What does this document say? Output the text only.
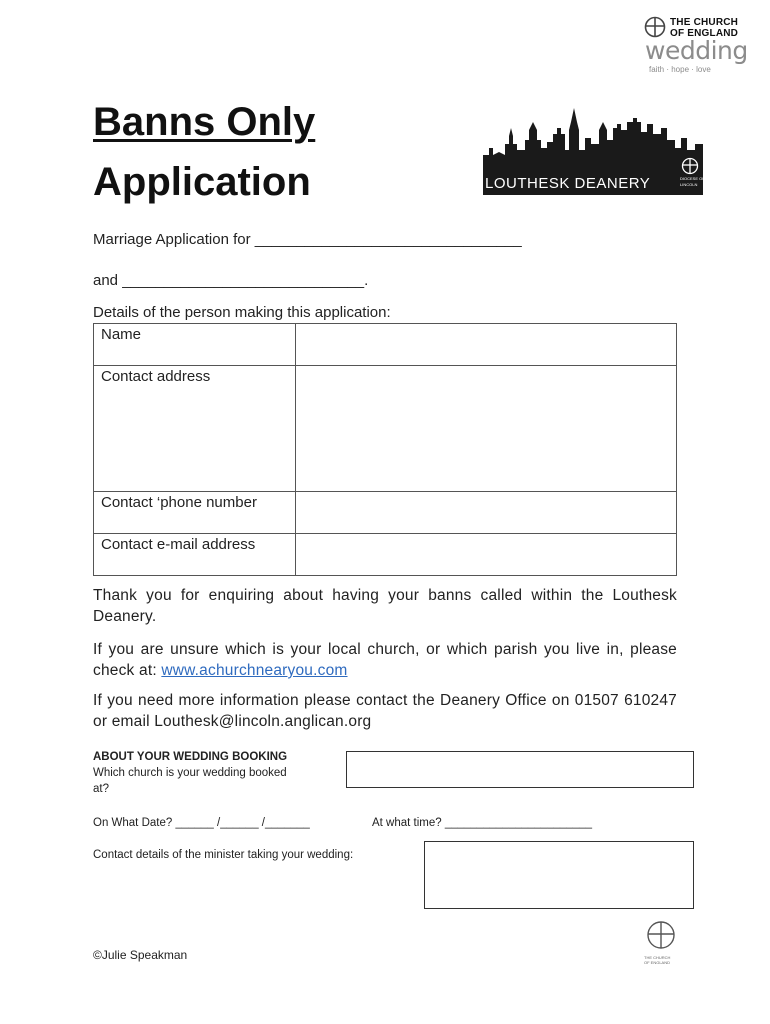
THE CHURCH
OF ENGLAND
wedding
faith · hope · love
Banns Only
Application	LOUTHESK DEANERY	DIOCESE OF
LINCOLN
Marriage Application for ________________________________
and _____________________________.
Details of the person making this application:
Name	
Contact address	
Contact ‘phone number	
Contact e-mail address	
Thank you for enquiring about having your banns called within the Louthesk Deanery.
If you are unsure which is your local church, or which parish you live in, please check at: www.achurchnearyou.com
If you need more information please contact the Deanery Office on 01507 610247 or email Louthesk@lincoln.anglican.org
ABOUT YOUR WEDDING BOOKING
Which church is your wedding booked
at?
On What Date? ______ /______ /_______	At what time? _______________________
Contact details of the minister taking your wedding:
THE CHURCH
OF ENGLAND
©Julie Speakman
